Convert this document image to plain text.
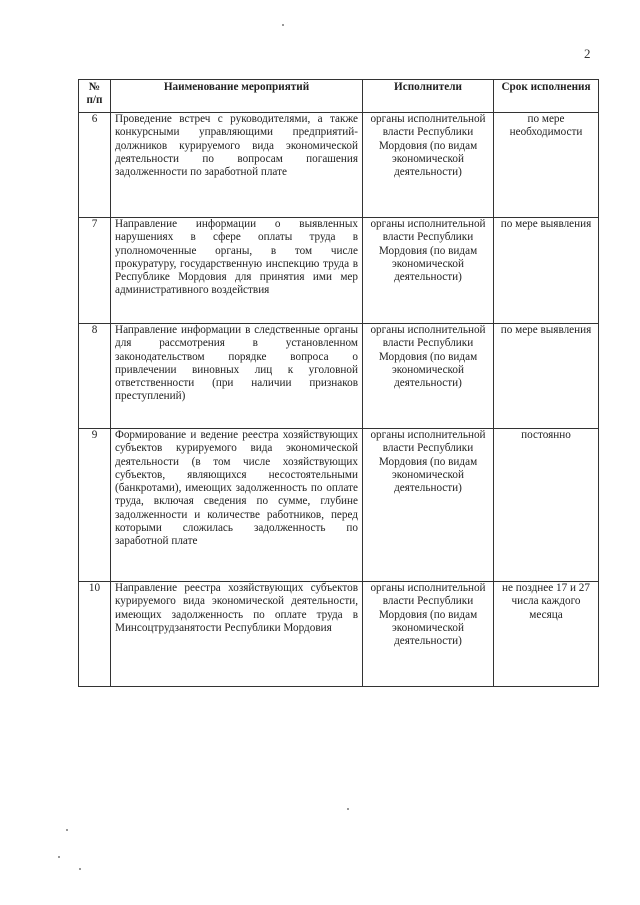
2
№ п/п	Наименование мероприятий	Исполнители	Срок исполнения
6	Проведение встреч с руководителями, а также конкурсными управляющими предприятий-должников курируемого вида экономической деятельности по вопросам погашения задолженности по заработной плате	органы исполнительной власти Республики Мордовия (по видам экономической деятельности)	по мере необходимости
7	Направление информации о выявленных нарушениях в сфере оплаты труда в уполномоченные органы, в том числе прокуратуру, государственную инспекцию труда в Республике Мордовия для принятия ими мер административного воздействия	органы исполнительной власти Республики Мордовия (по видам экономической деятельности)	по мере выявления
8	Направление информации в следственные органы для рассмотрения в установленном законодательством порядке вопроса о привлечении виновных лиц к уголовной ответственности (при наличии признаков преступлений)	органы исполнительной власти Республики Мордовия (по видам экономической деятельности)	по мере выявления
9	Формирование и ведение реестра хозяйствующих субъектов курируемого вида экономической деятельности (в том числе хозяйствующих субъектов, являющихся несостоятельными (банкротами), имеющих задолженность по оплате труда, включая сведения по сумме, глубине задолженности и количестве работников, перед которыми сложилась задолженность по заработной плате	органы исполнительной власти Республики Мордовия (по видам экономической деятельности)	постоянно
10	Направление реестра хозяйствующих субъектов курируемого вида экономической деятельности, имеющих задолженность по оплате труда в Минсоцтрудзанятости Республики Мордовия	органы исполнительной власти Республики Мордовия (по видам экономической деятельности)	не позднее 17 и 27 числа каждого месяца
